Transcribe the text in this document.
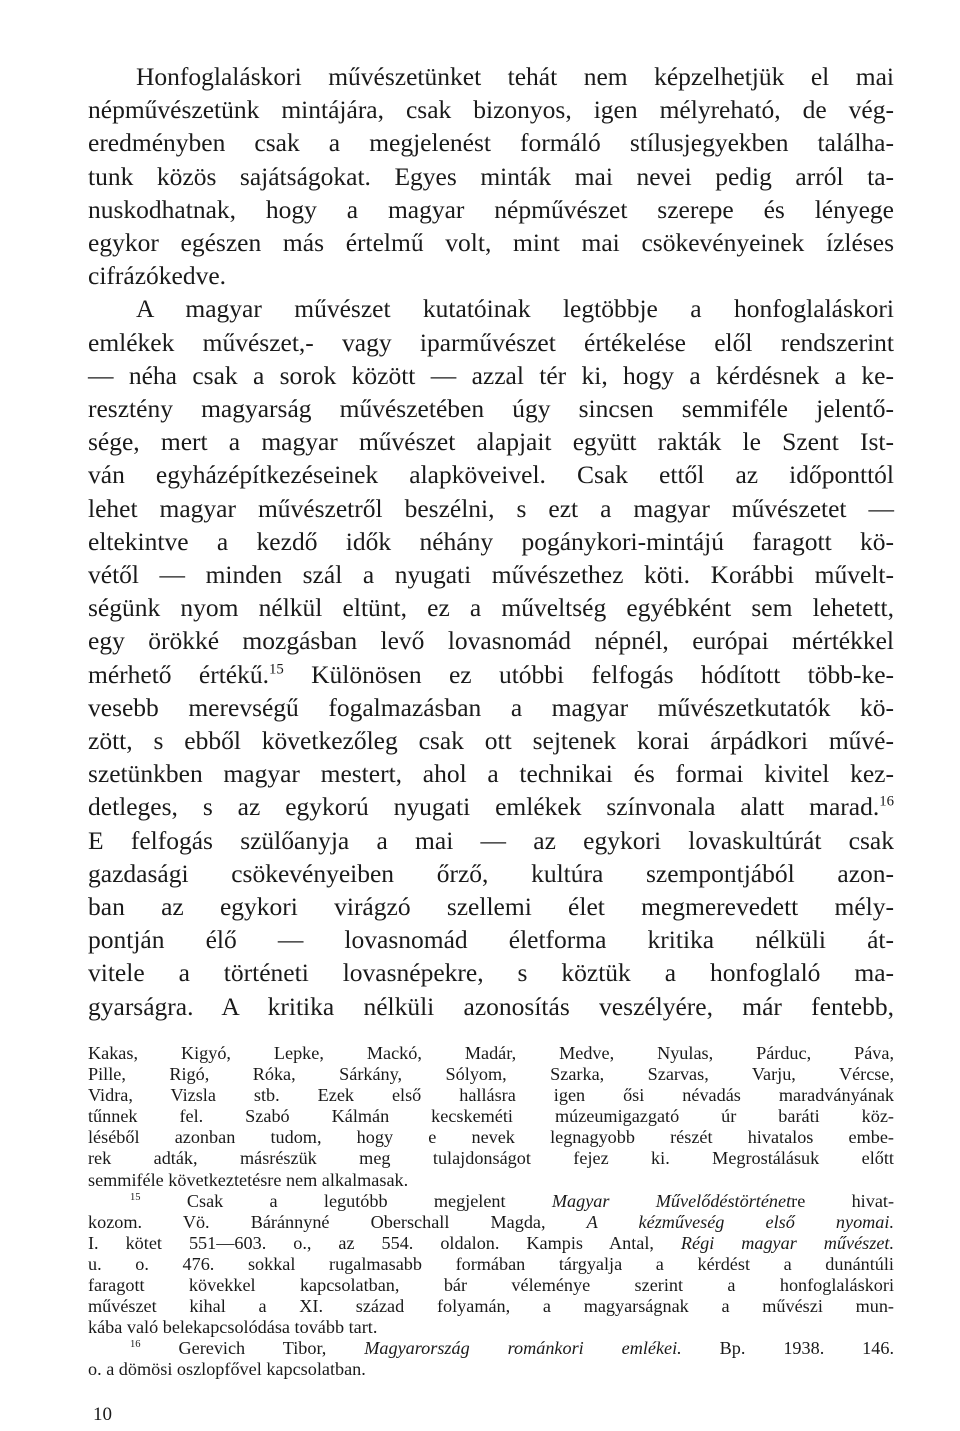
Honfoglaláskori művészetünket tehát nem képzelhetjük el mai
népművészetünk mintájára, csak bizonyos, igen mélyreható, de vég-
eredményben csak a megjelenést formáló stílusjegyekben találha-
tunk közös sajátságokat. Egyes minták mai nevei pedig arról ta-
nuskodhatnak, hogy a magyar népművészet szerepe és lényege
egykor egészen más értelmű volt, mint mai csökevényeinek ízléses
cifrázókedve.
A magyar művészet kutatóinak legtöbbje a honfoglaláskori
emlékek művészet,- vagy iparművészet értékelése elől rendszerint
— néha csak a sorok között — azzal tér ki, hogy a kérdésnek a ke-
resztény magyarság művészetében úgy sincsen semmiféle jelentő-
sége, mert a magyar művészet alapjait együtt rakták le Szent Ist-
ván egyházépítkezéseinek alapköveivel. Csak ettől az időponttól
lehet magyar művészetről beszélni, s ezt a magyar művészetet —
eltekintve a kezdő idők néhány pogánykori-mintájú faragott kö-
vétől — minden szál a nyugati művészethez köti. Korábbi művelt-
ségünk nyom nélkül eltünt, ez a műveltség egyébként sem lehetett,
egy örökké mozgásban levő lovasnomád népnél, európai mértékkel
mérhető értékű.$^{15}$ Különösen ez utóbbi felfogás hódított több-ke-
vesebb merevségű fogalmazásban a magyar művészetkutatók kö-
zött, s ebből következőleg csak ott sejtenek korai árpádkori művé-
szetünkben magyar mestert, ahol a technikai és formai kivitel kez-
detleges, s az egykorú nyugati emlékek színvonala alatt marad.$^{16}$
E felfogás szülőanyja a mai — az egykori lovaskultúrát csak
gazdasági csökevényeiben őrző, kultúra szempontjából azon-
ban az egykori virágzó szellemi élet megmerevedett mély-
pontján élő — lovasnomád életforma kritika nélküli át-
vitele a történeti lovasnépekre, s köztük a honfoglaló ma-
gyarságra. A kritika nélküli azonosítás veszélyére, már fentebb,
Kakas, Kigyó, Lepke, Mackó, Madár, Medve, Nyulas, Párduc, Páva,
Pille, Rigó, Róka, Sárkány, Sólyom, Szarka, Szarvas, Varju, Vércse,
Vidra, Vizsla stb. Ezek első hallásra igen ősi névadás maradványának
tűnnek fel. Szabó Kálmán kecskeméti múzeumigazgató úr baráti köz-
léséből azonban tudom, hogy e nevek legnagyobb részét hivatalos embe-
rek adták, másrészük meg tulajdonságot fejez ki. Megrostálásuk előtt
semmiféle következtetésre nem alkalmasak.
$^{15}$	Csak a legutóbb megjelent Magyar Művelődéstörténetre hivat-
kozom. Vö. Báránnyné Oberschall Magda, A kézműveség első nyomai.
I. kötet 551—603. o., az 554. oldalon. Kampis Antal, Régi magyar művészet.
u. o. 476. sokkal rugalmasabb formában tárgyalja a kérdést a dunántúli
faragott kövekkel kapcsolatban, bár véleménye szerint a honfoglaláskori
művészet kihal a XI. század folyamán, a magyarságnak a művészi mun-
kába való belekapcsolódása tovább tart.
$^{16}$ Gerevich Tibor, Magyarország románkori emlékei. Bp. 1938. 146.
o. a dömösi oszlopfővel kapcsolatban.
10
